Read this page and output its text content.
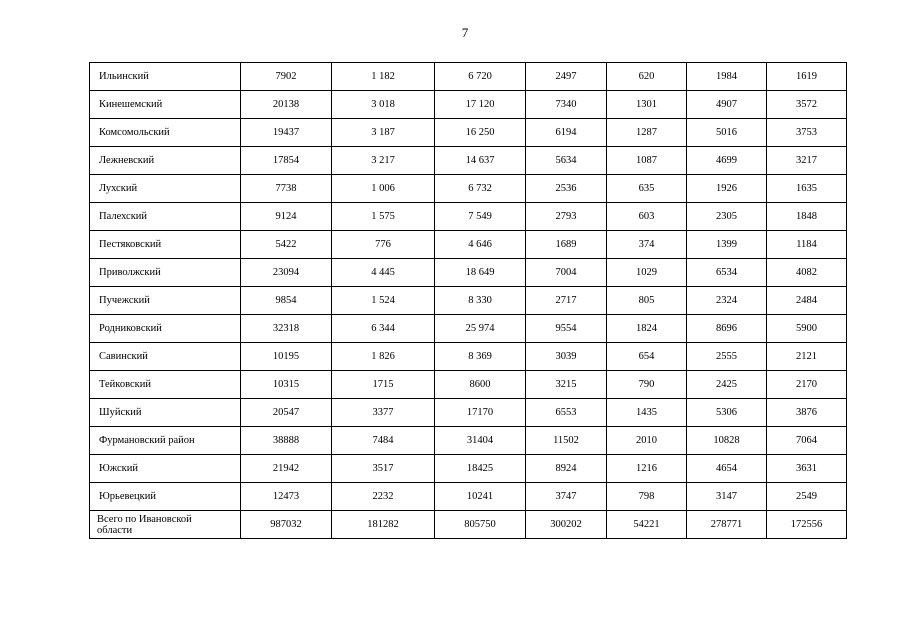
7
Ильинский	7902	1 182	6 720	2497	620	1984	1619
Кинешемский	20138	3 018	17 120	7340	1301	4907	3572
Комсомольский	19437	3 187	16 250	6194	1287	5016	3753
Лежневский	17854	3 217	14 637	5634	1087	4699	3217
Лухский	7738	1 006	6 732	2536	635	1926	1635
Палехский	9124	1 575	7 549	2793	603	2305	1848
Пестяковский	5422	776	4 646	1689	374	1399	1184
Приволжский	23094	4 445	18 649	7004	1029	6534	4082
Пучежский	9854	1 524	8 330	2717	805	2324	2484
Родниковский	32318	6 344	25 974	9554	1824	8696	5900
Савинский	10195	1 826	8 369	3039	654	2555	2121
Тейковский	10315	1715	8600	3215	790	2425	2170
Шуйский	20547	3377	17170	6553	1435	5306	3876
Фурмановский район	38888	7484	31404	11502	2010	10828	7064
Южский	21942	3517	18425	8924	1216	4654	3631
Юрьевецкий	12473	2232	10241	3747	798	3147	2549

Всего по Ивановской
области	987032	181282	805750	300202	54221	278771	172556
